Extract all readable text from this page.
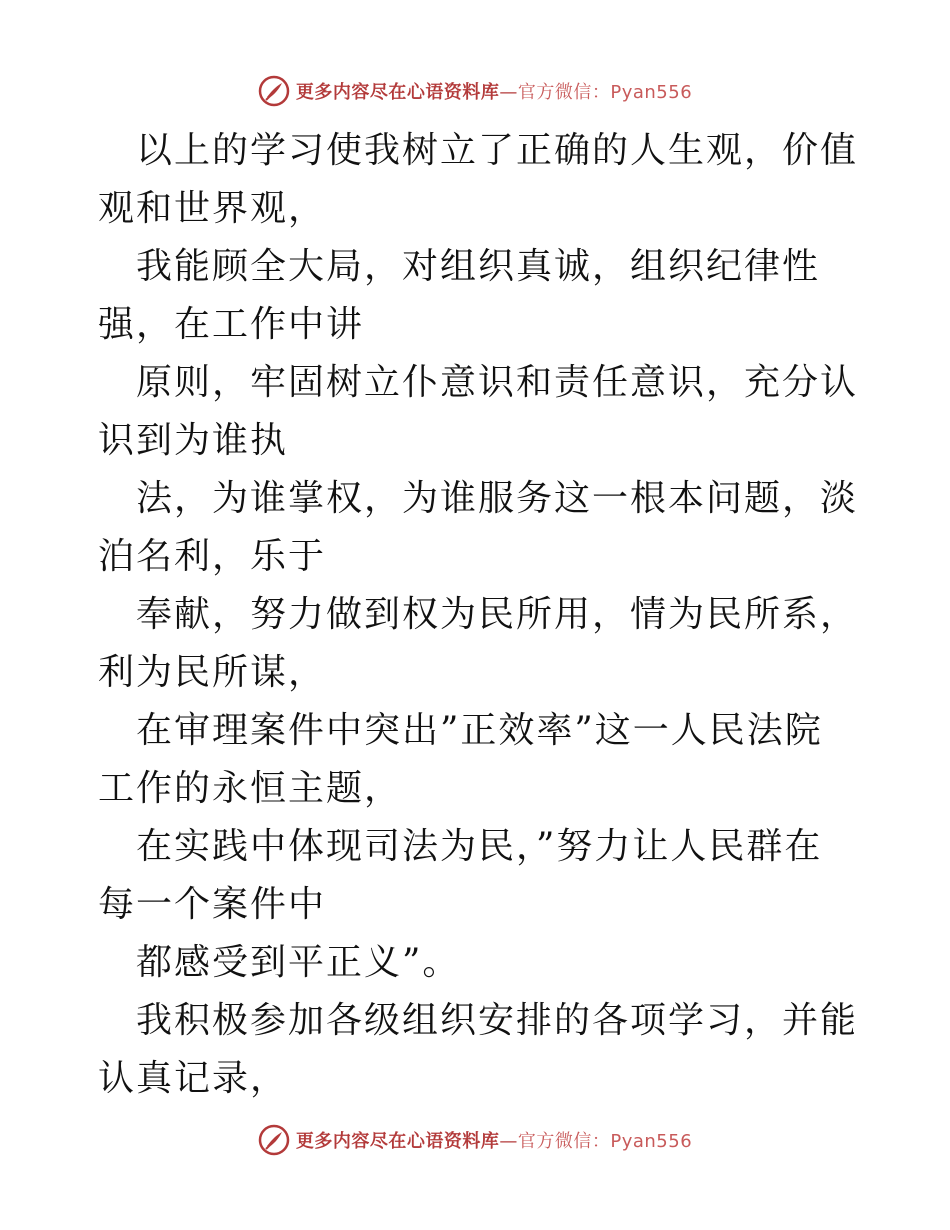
更多内容尽在心语资料库—官方微信：Pyan556

以上的学习使我树立了正确的人生观，价值观和世界观，

我能顾全大局，对组织真诚，组织纪律性强，在工作中讲

原则，牢固树立仆意识和责任意识，充分认识到为谁执

法，为谁掌权，为谁服务这一根本问题，淡泊名利，乐于

奉献，努力做到权为民所用，情为民所系，利为民所谋，

在审理案件中突出”正效率”这一人民法院工作的永恒主题，

在实践中体现司法为民，”努力让人民群在每一个案件中

都感受到平正义”。

我积极参加各级组织安排的各项学习，并能认真记录，

更多内容尽在心语资料库—官方微信：Pyan556
